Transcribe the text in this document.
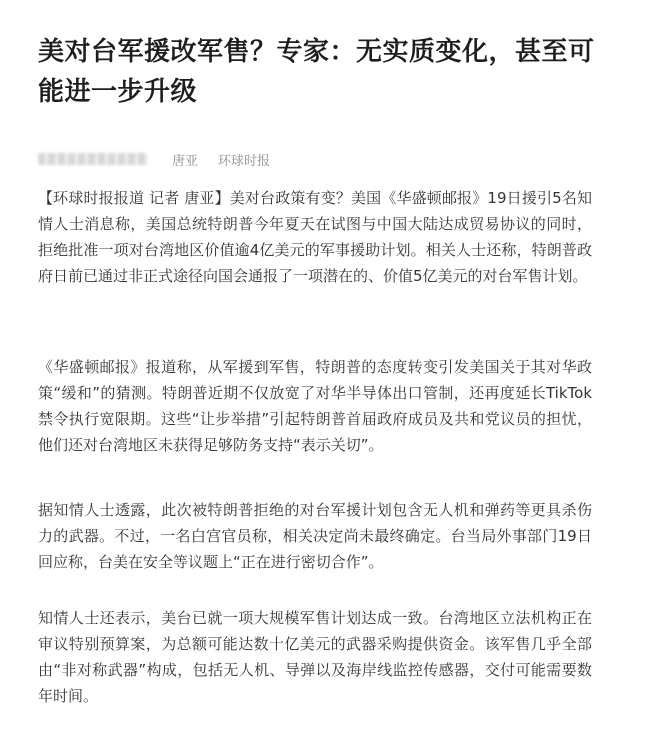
美对台军援改军售？专家：无实质变化，甚至可能进一步升级
唐亚 环球时报

【环球时报报道 记者 唐亚】美对台政策有变？美国《华盛顿邮报》19日援引5名知情人士消息称，美国总统特朗普今年夏天在试图与中国大陆达成贸易协议的同时，拒绝批准一项对台湾地区价值逾4亿美元的军事援助计划。相关人士还称，特朗普政府日前已通过非正式途径向国会通报了一项潜在的、价值5亿美元的对台军售计划。

《华盛顿邮报》报道称，从军援到军售，特朗普的态度转变引发美国关于其对华政策“缓和”的猜测。特朗普近期不仅放宽了对华半导体出口管制，还再度延长TikTok禁令执行宽限期。这些“让步举措”引起特朗普首届政府成员及共和党议员的担忧，他们还对台湾地区未获得足够防务支持“表示关切”。

据知情人士透露，此次被特朗普拒绝的对台军援计划包含无人机和弹药等更具杀伤力的武器。不过，一名白宫官员称，相关决定尚未最终确定。台当局外事部门19日回应称，台美在安全等议题上“正在进行密切合作”。

知情人士还表示，美台已就一项大规模军售计划达成一致。台湾地区立法机构正在审议特别预算案，为总额可能达数十亿美元的武器采购提供资金。该军售几乎全部由“非对称武器”构成，包括无人机、导弹以及海岸线监控传感器，交付可能需要数年时间。
